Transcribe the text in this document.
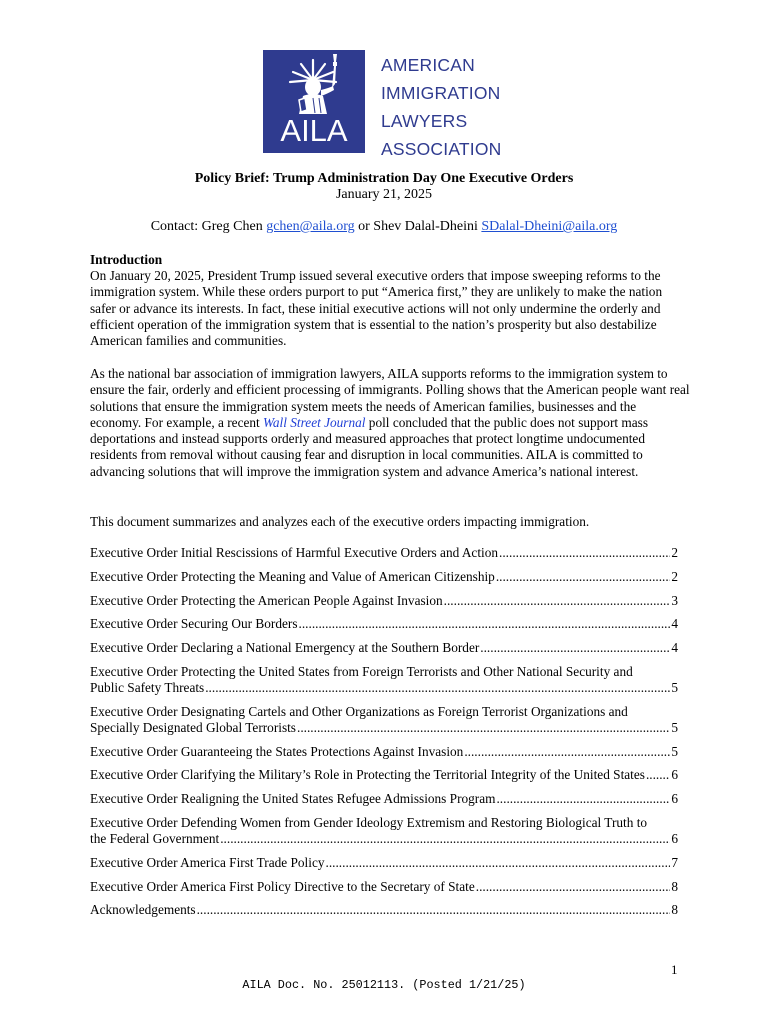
AILA
AMERICAN
IMMIGRATION
LAWYERS
ASSOCIATION
Policy Brief: Trump Administration Day One Executive Orders
January 21, 2025
Contact: Greg Chen gchen@aila.org or Shev Dalal-Dheini SDalal-Dheini@aila.org
Introduction

On January 20, 2025, President Trump issued several executive orders that impose sweeping reforms to the immigration system. While these orders purport to put “America first,” they are unlikely to make the nation safer or advance its interests. In fact, these initial executive actions will not only undermine the orderly and efficient operation of the immigration system that is essential to the nation’s prosperity but also destabilize American families and communities.

As the national bar association of immigration lawyers, AILA supports reforms to the immigration system to ensure the fair, orderly and efficient processing of immigrants. Polling shows that the American people want real solutions that ensure the immigration system meets the needs of American families, businesses and the economy. For example, a recent Wall Street Journal poll concluded that the public does not support mass deportations and instead supports orderly and measured approaches that protect longtime undocumented residents from removal without causing fear and disruption in local communities. AILA is committed to advancing solutions that will improve the immigration system and advance America’s national interest.

This document summarizes and analyzes each of the executive orders impacting immigration.

Executive Order Initial Rescissions of Harmful Executive Orders and Action .....	2
Executive Order Protecting the Meaning and Value of American Citizenship .....	2
Executive Order Protecting the American People Against Invasion .....	3
Executive Order Securing Our Borders .....	4
Executive Order Declaring a National Emergency at the Southern Border .....	4
Executive Order Protecting the United States from Foreign Terrorists and Other National Security and
Public Safety Threats .....	5
Executive Order Designating Cartels and Other Organizations as Foreign Terrorist Organizations and
Specially Designated Global Terrorists .....	5
Executive Order Guaranteeing the States Protections Against Invasion .....	5
Executive Order Clarifying the Military’s Role in Protecting the Territorial Integrity of the United States ..... 6
Executive Order Realigning the United States Refugee Admissions Program .....	6
Executive Order Defending Women from Gender Ideology Extremism and Restoring Biological Truth to
the Federal Government .....	6
Executive Order America First Trade Policy .....	7
Executive Order America First Policy Directive to the Secretary of State .....	8
Acknowledgements .....	8
1
AILA Doc. No. 25012113. (Posted 1/21/25)
